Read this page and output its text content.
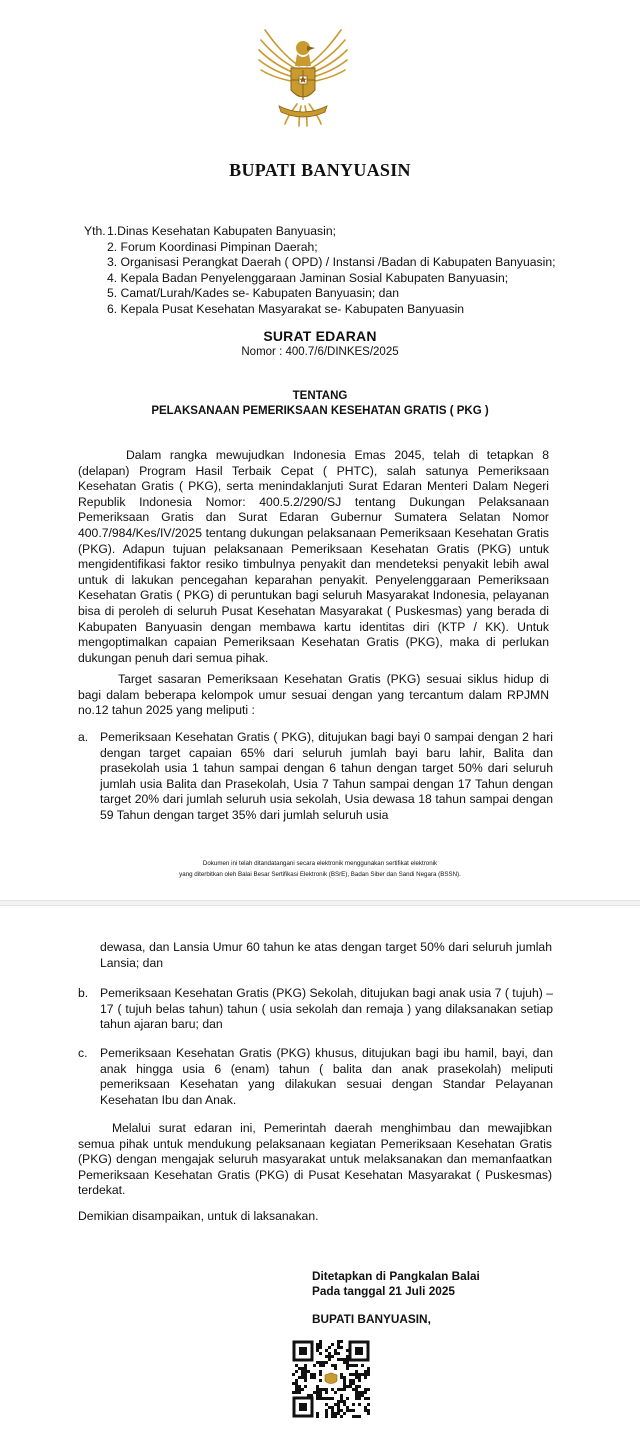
BUPATI BANYUASIN
Yth.1.Dinas Kesehatan Kabupaten Banyuasin;
2. Forum Koordinasi Pimpinan Daerah;
3. Organisasi Perangkat Daerah ( OPD) / Instansi /Badan di Kabupaten Banyuasin;
4. Kepala Badan Penyelenggaraan Jaminan Sosial Kabupaten Banyuasin;
5. Camat/Lurah/Kades se- Kabupaten Banyuasin; dan
6. Kepala Pusat Kesehatan Masyarakat se- Kabupaten Banyuasin
SURAT EDARAN
Nomor : 400.7/6/DINKES/2025
TENTANG
PELAKSANAAN PEMERIKSAAN KESEHATAN GRATIS ( PKG )
Dalam rangka mewujudkan Indonesia Emas 2045, telah di tetapkan 8 (delapan) Program Hasil Terbaik Cepat ( PHTC), salah satunya Pemeriksaan Kesehatan Gratis ( PKG), serta menindaklanjuti Surat Edaran Menteri Dalam Negeri Republik Indonesia Nomor: 400.5.2/290/SJ tentang Dukungan Pelaksanaan Pemeriksaan Gratis dan Surat Edaran Gubernur Sumatera Selatan Nomor 400.7/984/Kes/IV/2025 tentang dukungan pelaksanaan Pemeriksaan Kesehatan Gratis (PKG). Adapun tujuan pelaksanaan Pemeriksaan Kesehatan Gratis (PKG) untuk mengidentifikasi faktor resiko timbulnya penyakit dan mendeteksi penyakit lebih awal untuk di lakukan pencegahan keparahan penyakit. Penyelenggaraan Pemeriksaan Kesehatan Gratis ( PKG) di peruntukan bagi seluruh Masyarakat Indonesia, pelayanan bisa di peroleh di seluruh Pusat Kesehatan Masyarakat ( Puskesmas) yang berada di Kabupaten Banyuasin dengan membawa kartu identitas diri (KTP / KK). Untuk mengoptimalkan capaian Pemeriksaan Kesehatan Gratis (PKG), maka di perlukan dukungan penuh dari semua pihak.
Target sasaran Pemeriksaan Kesehatan Gratis (PKG) sesuai siklus hidup di bagi dalam beberapa kelompok umur sesuai dengan yang tercantum dalam RPJMN no.12 tahun 2025 yang meliputi :
a. Pemeriksaan Kesehatan Gratis ( PKG), ditujukan bagi bayi 0 sampai dengan 2 hari dengan target capaian 65% dari seluruh jumlah bayi baru lahir, Balita dan prasekolah usia 1 tahun sampai dengan 6 tahun dengan target 50% dari seluruh jumlah usia Balita dan Prasekolah, Usia 7 Tahun sampai dengan 17 Tahun dengan target 20% dari jumlah seluruh usia sekolah, Usia dewasa 18 tahun sampai dengan 59 Tahun dengan target 35% dari jumlah seluruh usia
Dokumen ini telah ditandatangani secara elektronik menggunakan sertifikat elektronik
yang diterbitkan oleh Balai Besar Sertifikasi Elektronik (BSrE), Badan Siber dan Sandi Negara (BSSN).
dewasa, dan Lansia Umur 60 tahun ke atas dengan target 50% dari seluruh jumlah Lansia; dan
b. Pemeriksaan Kesehatan Gratis (PKG) Sekolah, ditujukan bagi anak usia 7 ( tujuh) – 17 ( tujuh belas tahun) tahun ( usia sekolah dan remaja ) yang dilaksanakan setiap tahun ajaran baru; dan
c. Pemeriksaan Kesehatan Gratis (PKG) khusus, ditujukan bagi ibu hamil, bayi, dan anak hingga usia 6 (enam) tahun ( balita dan anak prasekolah) meliputi pemeriksaan Kesehatan yang dilakukan sesuai dengan Standar Pelayanan Kesehatan Ibu dan Anak.
Melalui surat edaran ini, Pemerintah daerah menghimbau dan mewajibkan semua pihak untuk mendukung pelaksanaan kegiatan Pemeriksaan Kesehatan Gratis (PKG) dengan mengajak seluruh masyarakat untuk melaksanakan dan memanfaatkan Pemeriksaan Kesehatan Gratis (PKG) di Pusat Kesehatan Masyarakat ( Puskesmas) terdekat.
Demikian disampaikan, untuk di laksanakan.
Ditetapkan di Pangkalan Balai
Pada tanggal 21 Juli 2025
BUPATI BANYUASIN,
